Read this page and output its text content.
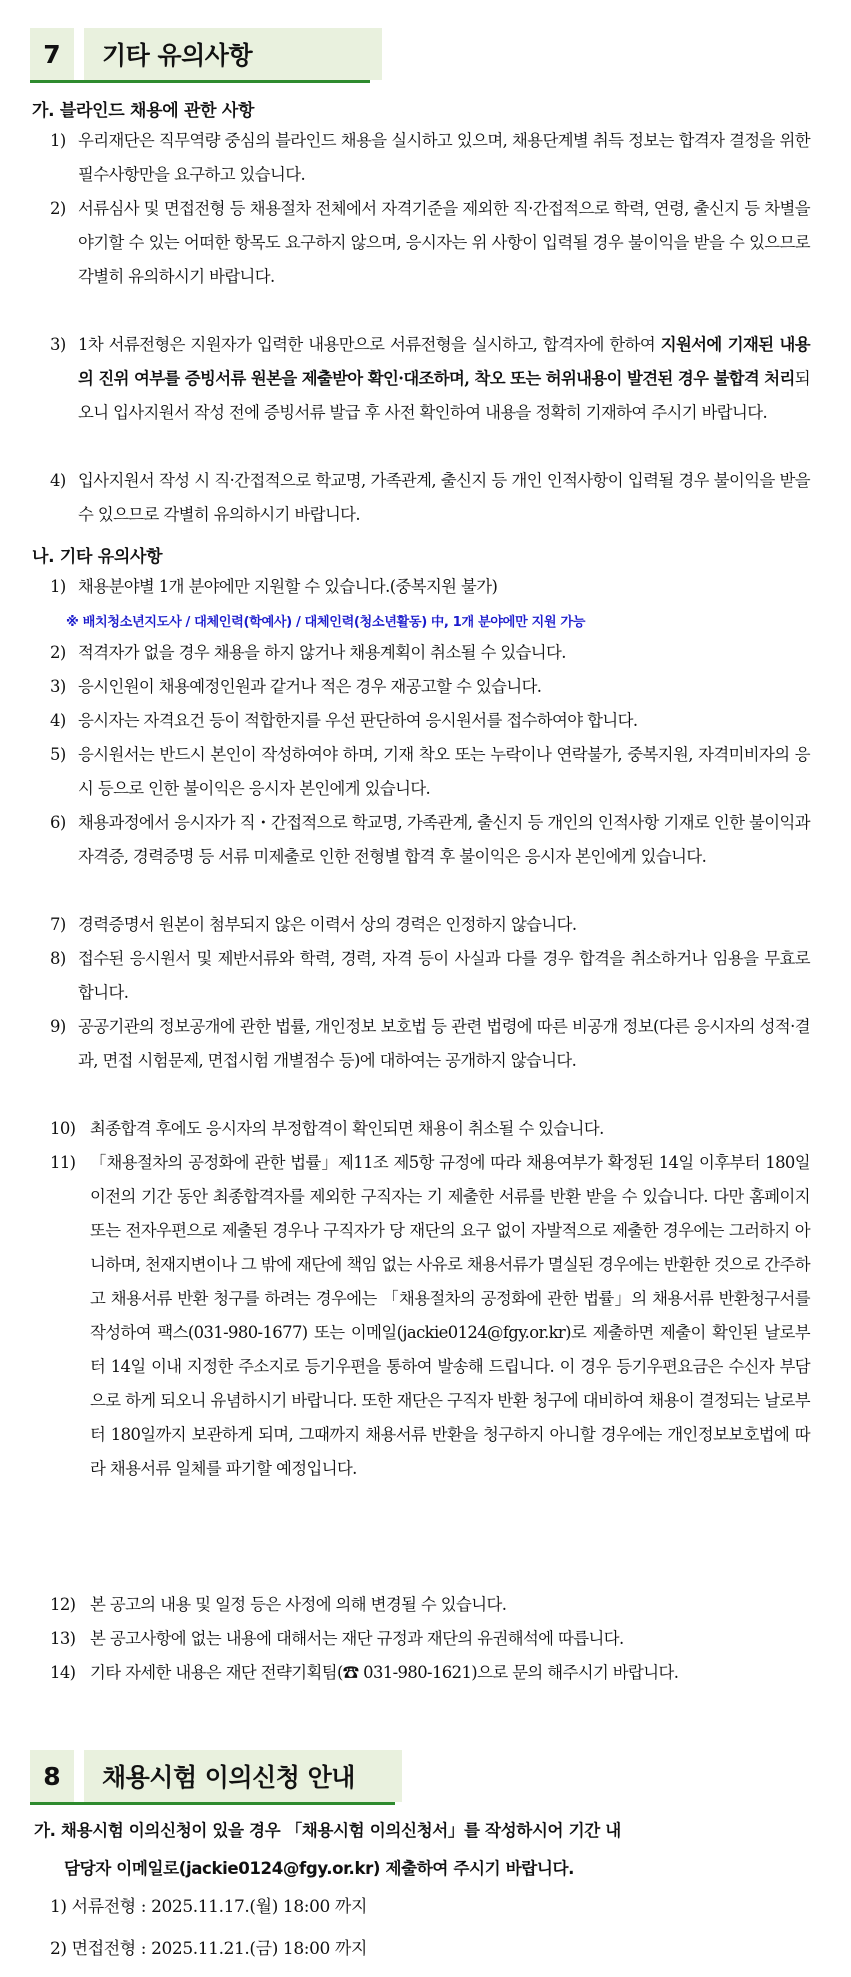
7	기타 유의사항
가. 블라인드 채용에 관한 사항
1) 우리재단은 직무역량 중심의 블라인드 채용을 실시하고 있으며, 채용단계별 취득 정보는 합격자 결정을 위한 필수사항만을 요구하고 있습니다.
2) 서류심사 및 면접전형 등 채용절차 전체에서 자격기준을 제외한 직·간접적으로 학력, 연령, 출신지 등 차별을 야기할 수 있는 어떠한 항목도 요구하지 않으며, 응시자는 위 사항이 입력될 경우 불이익을 받을 수 있으므로 각별히 유의하시기 바랍니다.
3) 1차 서류전형은 지원자가 입력한 내용만으로 서류전형을 실시하고, 합격자에 한하여 지원서에 기재된 내용의 진위 여부를 증빙서류 원본을 제출받아 확인·대조하며, 착오 또는 허위내용이 발견된 경우 불합격 처리되오니 입사지원서 작성 전에 증빙서류 발급 후 사전 확인하여 내용을 정확히 기재하여 주시기 바랍니다.
4) 입사지원서 작성 시 직·간접적으로 학교명, 가족관계, 출신지 등 개인 인적사항이 입력될 경우 불이익을 받을 수 있으므로 각별히 유의하시기 바랍니다.
나. 기타 유의사항
1) 채용분야별 1개 분야에만 지원할 수 있습니다.(중복지원 불가)
※ 배치청소년지도사 / 대체인력(학예사) / 대체인력(청소년활동) 中, 1개 분야에만 지원 가능
2) 적격자가 없을 경우 채용을 하지 않거나 채용계획이 취소될 수 있습니다.
3) 응시인원이 채용예정인원과 같거나 적은 경우 재공고할 수 있습니다.
4) 응시자는 자격요건 등이 적합한지를 우선 판단하여 응시원서를 접수하여야 합니다.
5) 응시원서는 반드시 본인이 작성하여야 하며, 기재 착오 또는 누락이나 연락불가, 중복지원, 자격미비자의 응시 등으로 인한 불이익은 응시자 본인에게 있습니다.
6) 채용과정에서 응시자가 직・간접적으로 학교명, 가족관계, 출신지 등 개인의 인적사항 기재로 인한 불이익과 자격증, 경력증명 등 서류 미제출로 인한 전형별 합격 후 불이익은 응시자 본인에게 있습니다.
7) 경력증명서 원본이 첨부되지 않은 이력서 상의 경력은 인정하지 않습니다.
8) 접수된 응시원서 및 제반서류와 학력, 경력, 자격 등이 사실과 다를 경우 합격을 취소하거나 임용을 무효로 합니다.
9) 공공기관의 정보공개에 관한 법률, 개인정보 보호법 등 관련 법령에 따른 비공개 정보(다른 응시자의 성적·결과, 면접 시험문제, 면접시험 개별점수 등)에 대하여는 공개하지 않습니다.
10) 최종합격 후에도 응시자의 부정합격이 확인되면 채용이 취소될 수 있습니다.
11) 「채용절차의 공정화에 관한 법률」제11조 제5항 규정에 따라 채용여부가 확정된 14일 이후부터 180일 이전의 기간 동안 최종합격자를 제외한 구직자는 기 제출한 서류를 반환 받을 수 있습니다. 다만 홈페이지 또는 전자우편으로 제출된 경우나 구직자가 당 재단의 요구 없이 자발적으로 제출한 경우에는 그러하지 아니하며, 천재지변이나 그 밖에 재단에 책임 없는 사유로 채용서류가 멸실된 경우에는 반환한 것으로 간주하고 채용서류 반환 청구를 하려는 경우에는 「채용절차의 공정화에 관한 법률」의 채용서류 반환청구서를 작성하여 팩스(031-980-1677) 또는 이메일(jackie0124@fgy.or.kr)로 제출하면 제출이 확인된 날로부터 14일 이내 지정한 주소지로 등기우편을 통하여 발송해 드립니다. 이 경우 등기우편요금은 수신자 부담으로 하게 되오니 유념하시기 바랍니다. 또한 재단은 구직자 반환 청구에 대비하여 채용이 결정되는 날로부터 180일까지 보관하게 되며, 그때까지 채용서류 반환을 청구하지 아니할 경우에는 개인정보보호법에 따라 채용서류 일체를 파기할 예정입니다.
12) 본 공고의 내용 및 일정 등은 사정에 의해 변경될 수 있습니다.
13) 본 공고사항에 없는 내용에 대해서는 재단 규정과 재단의 유권해석에 따릅니다.
14) 기타 자세한 내용은 재단 전략기획팀(☎ 031-980-1621)으로 문의 해주시기 바랍니다.
8	채용시험 이의신청 안내
가. 채용시험 이의신청이 있을 경우 「채용시험 이의신청서」를 작성하시어 기간 내
담당자 이메일로(jackie0124@fgy.or.kr) 제출하여 주시기 바랍니다.
1) 서류전형 : 2025.11.17.(월) 18:00 까지
2) 면접전형 : 2025.11.21.(금) 18:00 까지
